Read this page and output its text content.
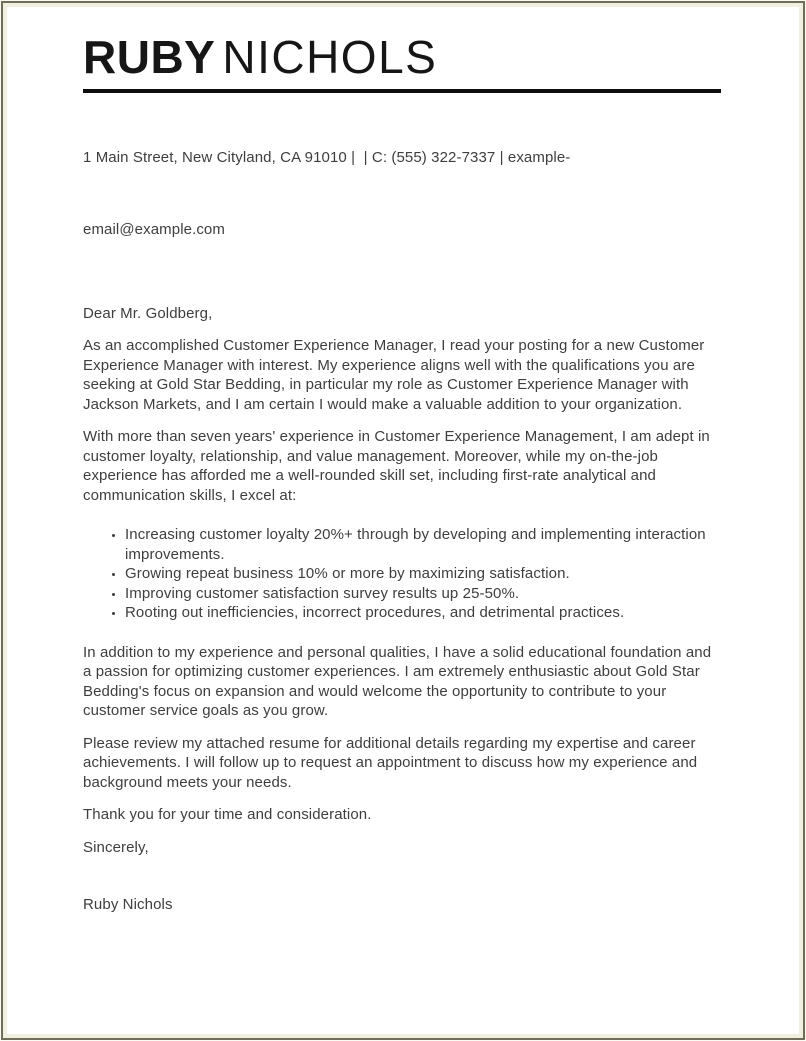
RUBY NICHOLS

1 Main Street, New Cityland, CA 91010 |  | C: (555) 322-7337 | example-

email@example.com

Dear Mr. Goldberg,

As an accomplished Customer Experience Manager, I read your posting for a new Customer Experience Manager with interest. My experience aligns well with the qualifications you are seeking at Gold Star Bedding, in particular my role as Customer Experience Manager with Jackson Markets, and I am certain I would make a valuable addition to your organization.

With more than seven years' experience in Customer Experience Management, I am adept in customer loyalty, relationship, and value management. Moreover, while my on-the-job experience has afforded me a well-rounded skill set, including first-rate analytical and communication skills, I excel at:

• Increasing customer loyalty 20%+ through by developing and implementing interaction improvements.
• Growing repeat business 10% or more by maximizing satisfaction.
• Improving customer satisfaction survey results up 25-50%.
• Rooting out inefficiencies, incorrect procedures, and detrimental practices.

In addition to my experience and personal qualities, I have a solid educational foundation and a passion for optimizing customer experiences. I am extremely enthusiastic about Gold Star Bedding's focus on expansion and would welcome the opportunity to contribute to your customer service goals as you grow.

Please review my attached resume for additional details regarding my expertise and career achievements. I will follow up to request an appointment to discuss how my experience and background meets your needs.

Thank you for your time and consideration.

Sincerely,

Ruby Nichols
